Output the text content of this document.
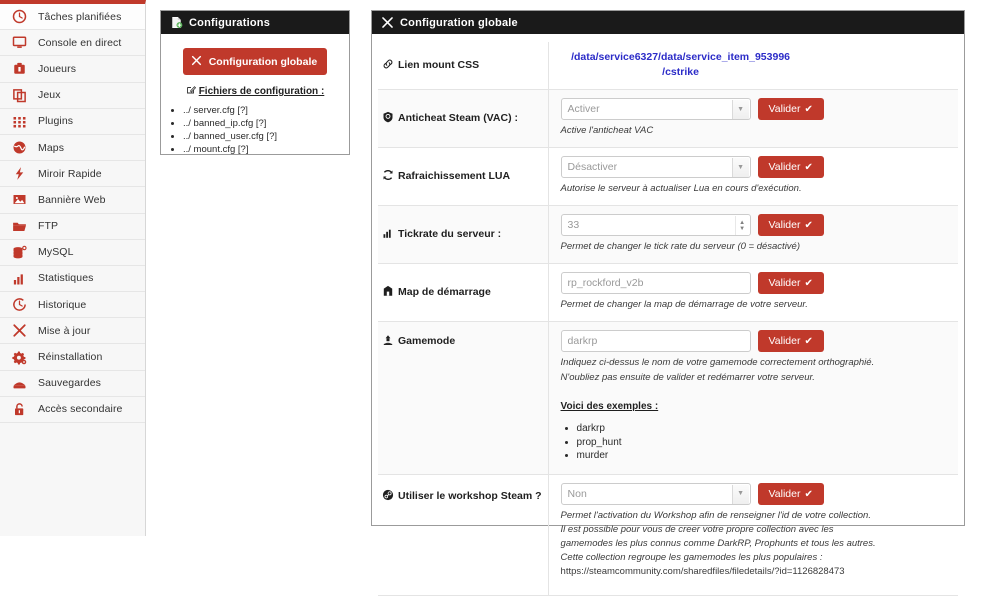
Tâches planifiées
Console en direct
Joueurs
Jeux
Plugins
Maps
Miroir Rapide
Bannière Web
FTP
MySQL
Statistiques
Historique
Mise à jour
Réinstallation
Sauvegardes
Accès secondaire
Configurations
Configuration globale
Fichiers de configuration :
• ../ server.cfg [?]
• ../ banned_ip.cfg [?]
• ../ banned_user.cfg [?]
• ../ mount.cfg [?]
Configuration globale
Lien mount CSS	/data/service6327/data/service_item_953996
/cstrike

Anticheat Steam (VAC) :	Activer ▼ Valider ✔
Active l'anticheat VAC

Rafraichissement LUA	Désactiver ▼ Valider ✔
Autorise le serveur à actualiser Lua en cours d'exécution.

Tickrate du serveur :	33 ▲
▼ Valider ✔
Permet de changer le tick rate du serveur (0 = désactivé)

Map de démarrage	rp_rockford_v2b Valider ✔
Permet de changer la map de démarrage de votre serveur.

Gamemode	darkrp	Valider ✔
Indiquez ci-dessus le nom de votre gamemode correctement orthographié.
N'oubliez pas ensuite de valider et redémarrer votre serveur.
Voici des exemples :
• darkrp
• prop_hunt
• murder

Utiliser le workshop Steam ?	Non	▼	Valider ✔
Permet l'activation du Workshop afin de renseigner l'id de votre collection.
Il est possible pour vous de creer votre propre collection avec les
gamemodes les plus connus comme DarkRP, Prophunts et tous les autres.
Cette collection regroupe les gamemodes les plus populaires :
https://steamcommunity.com/sharedfiles/filedetails/?id=1126828473
